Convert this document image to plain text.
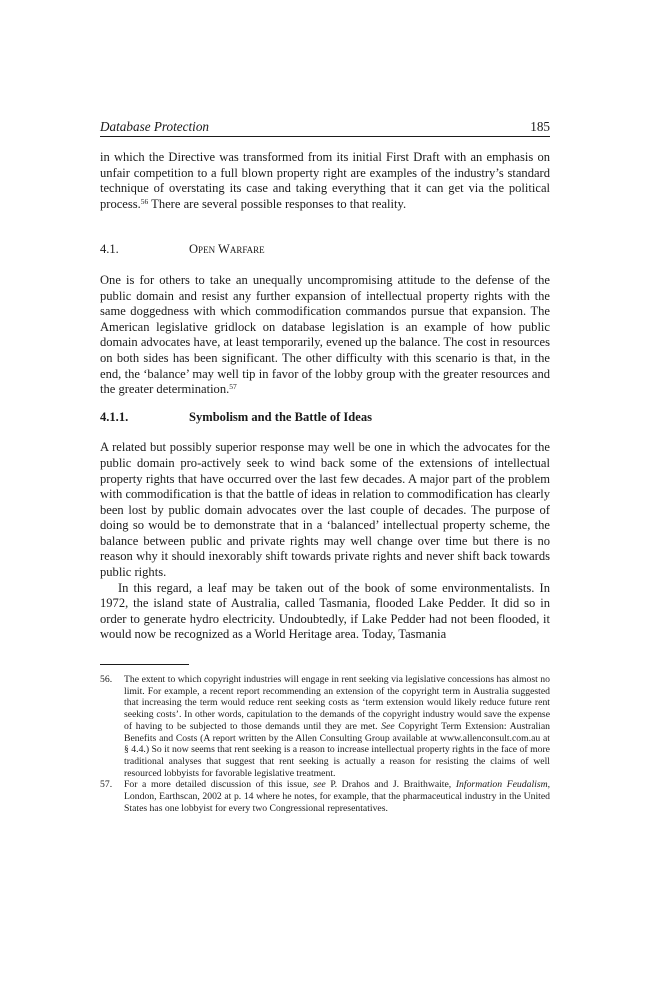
Database Protection	185

in which the Directive was transformed from its initial First Draft with an emphasis on unfair competition to a full blown property right are examples of the industry’s standard technique of overstating its case and taking everything that it can get via the political process.$^{56}$ There are several possible responses to that reality.

4.1.	Open Warfare

One is for others to take an unequally uncompromising attitude to the defense of the public domain and resist any further expansion of intellectual property rights with the same doggedness with which commodification commandos pursue that expansion. The American legislative gridlock on database legislation is an example of how public domain advocates have, at least temporarily, evened up the balance. The cost in resources on both sides has been significant. The other difficulty with this scenario is that, in the end, the ‘balance’ may well tip in favor of the lobby group with the greater resources and the greater determination.$^{57}$

4.1.1.	Symbolism and the Battle of Ideas

A related but possibly superior response may well be one in which the advocates for the public domain pro-actively seek to wind back some of the extensions of intellectual property rights that have occurred over the last few decades. A major part of the problem with commodification is that the battle of ideas in relation to commodification has clearly been lost by public domain advocates over the last couple of decades. The purpose of doing so would be to demonstrate that in a ‘balanced’ intellectual property scheme, the balance between public and private rights may well change over time but there is no reason why it should inexorably shift towards private rights and never shift back towards public rights.

In this regard, a leaf may be taken out of the book of some environmentalists. In 1972, the island state of Australia, called Tasmania, flooded Lake Pedder. It did so in order to generate hydro electricity. Undoubtedly, if Lake Pedder had not been flooded, it would now be recognized as a World Heritage area. Today, Tasmania

56.	The extent to which copyright industries will engage in rent seeking via legislative concessions has almost no limit. For example, a recent report recommending an extension of the copyright term in Australia suggested that increasing the term would reduce rent seeking costs as ‘term extension would likely reduce future rent seeking costs’. In other words, capitulation to the demands of the copyright industry would save the expense of having to be subjected to those demands until they are met. See Copyright Term Extension: Australian Benefits and Costs (A report written by the Allen Consulting Group available at www.allenconsult.com.au at § 4.4.) So it now seems that rent seeking is a reason to increase intellectual property rights in the face of more traditional analyses that suggest that rent seeking is actually a reason for resisting the claims of well resourced lobbyists for favorable legislative treatment.
57.	For a more detailed discussion of this issue, see P. Drahos and J. Braithwaite, Information Feudalism, London, Earthscan, 2002 at p. 14 where he notes, for example, that the pharmaceutical industry in the United States has one lobbyist for every two Congressional representatives.
